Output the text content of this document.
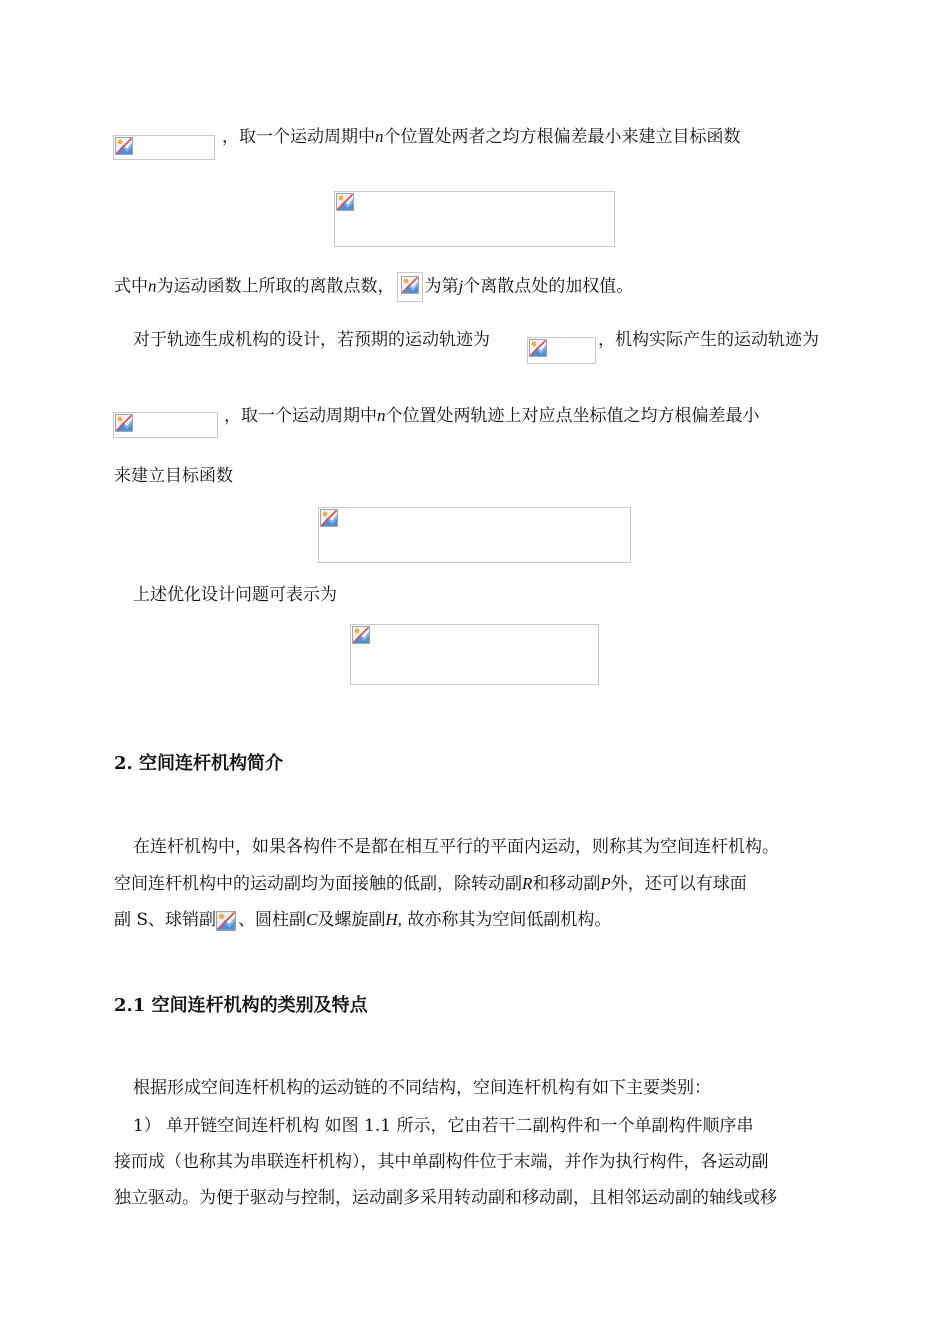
，取一个运动周期中n个位置处两者之均方根偏差最小来建立目标函数
式中n为运动函数上所取的离散点数， 为第j个离散点处的加权值。
对于轨迹生成机构的设计，若预期的运动轨迹为	，机构实际产生的运动轨迹为
，取一个运动周期中n个位置处两轨迹上对应点坐标值之均方根偏差最小
来建立目标函数
上述优化设计问题可表示为
2. 空间连杆机构简介
在连杆机构中，如果各构件不是都在相互平行的平面内运动，则称其为空间连杆机构。
空间连杆机构中的运动副均为面接触的低副，除转动副R和移动副P外，还可以有球面
副 S、球销副 、圆柱副C及螺旋副H, 故亦称其为空间低副机构。
2.1 空间连杆机构的类别及特点
根据形成空间连杆机构的运动链的不同结构，空间连杆机构有如下主要类别：
1） 单开链空间连杆机构 如图 1.1 所示，它由若干二副构件和一个单副构件顺序串
接而成（也称其为串联连杆机构），其中单副构件位于末端，并作为执行构件，各运动副
独立驱动。为便于驱动与控制，运动副多采用转动副和移动副，且相邻运动副的轴线或移
